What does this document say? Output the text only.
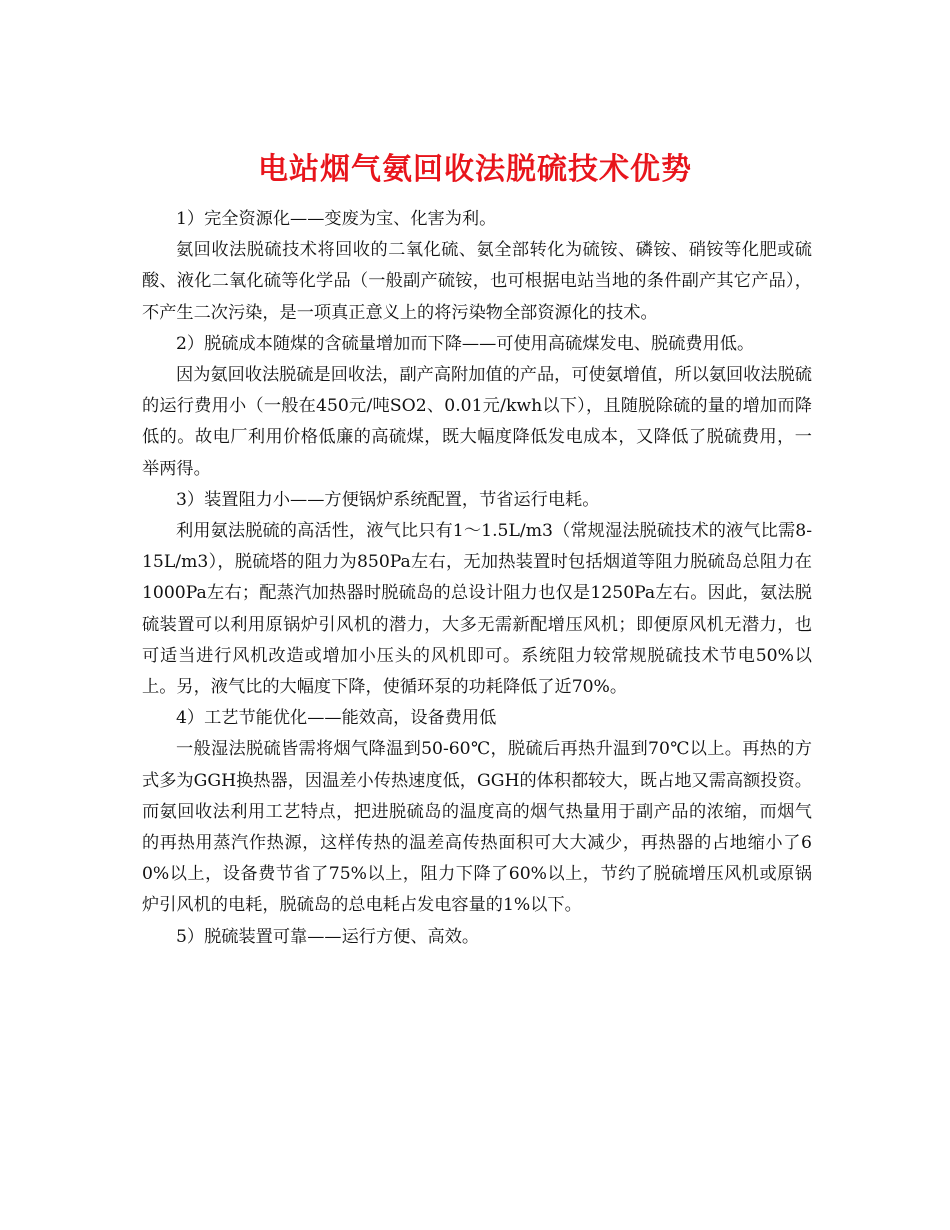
电站烟气氨回收法脱硫技术优势

1）完全资源化——变废为宝、化害为利。

氨回收法脱硫技术将回收的二氧化硫、氨全部转化为硫铵、磷铵、硝铵等化肥或硫酸、液化二氧化硫等化学品（一般副产硫铵，也可根据电站当地的条件副产其它产品），不产生二次污染，是一项真正意义上的将污染物全部资源化的技术。

2）脱硫成本随煤的含硫量增加而下降——可使用高硫煤发电、脱硫费用低。

因为氨回收法脱硫是回收法，副产高附加值的产品，可使氨增值，所以氨回收法脱硫的运行费用小（一般在450元/吨SO2、0.01元/kwh以下），且随脱除硫的量的增加而降低的。故电厂利用价格低廉的高硫煤，既大幅度降低发电成本，又降低了脱硫费用，一举两得。

3）装置阻力小——方便锅炉系统配置，节省运行电耗。

利用氨法脱硫的高活性，液气比只有1～1.5L/m3（常规湿法脱硫技术的液气比需8-15L/m3），脱硫塔的阻力为850Pa左右，无加热装置时包括烟道等阻力脱硫岛总阻力在1000Pa左右；配蒸汽加热器时脱硫岛的总设计阻力也仅是1250Pa左右。因此，氨法脱硫装置可以利用原锅炉引风机的潜力，大多无需新配增压风机；即便原风机无潜力，也可适当进行风机改造或增加小压头的风机即可。系统阻力较常规脱硫技术节电50%以上。另，液气比的大幅度下降，使循环泵的功耗降低了近70%。

4）工艺节能优化——能效高，设备费用低

一般湿法脱硫皆需将烟气降温到50-60℃，脱硫后再热升温到70℃以上。再热的方式多为GGH换热器，因温差小传热速度低，GGH的体积都较大，既占地又需高额投资。而氨回收法利用工艺特点，把进脱硫岛的温度高的烟气热量用于副产品的浓缩，而烟气的再热用蒸汽作热源，这样传热的温差高传热面积可大大减少，再热器的占地缩小了60%以上，设备费节省了75%以上，阻力下降了60%以上，节约了脱硫增压风机或原锅炉引风机的电耗，脱硫岛的总电耗占发电容量的1%以下。

5）脱硫装置可靠——运行方便、高效。
